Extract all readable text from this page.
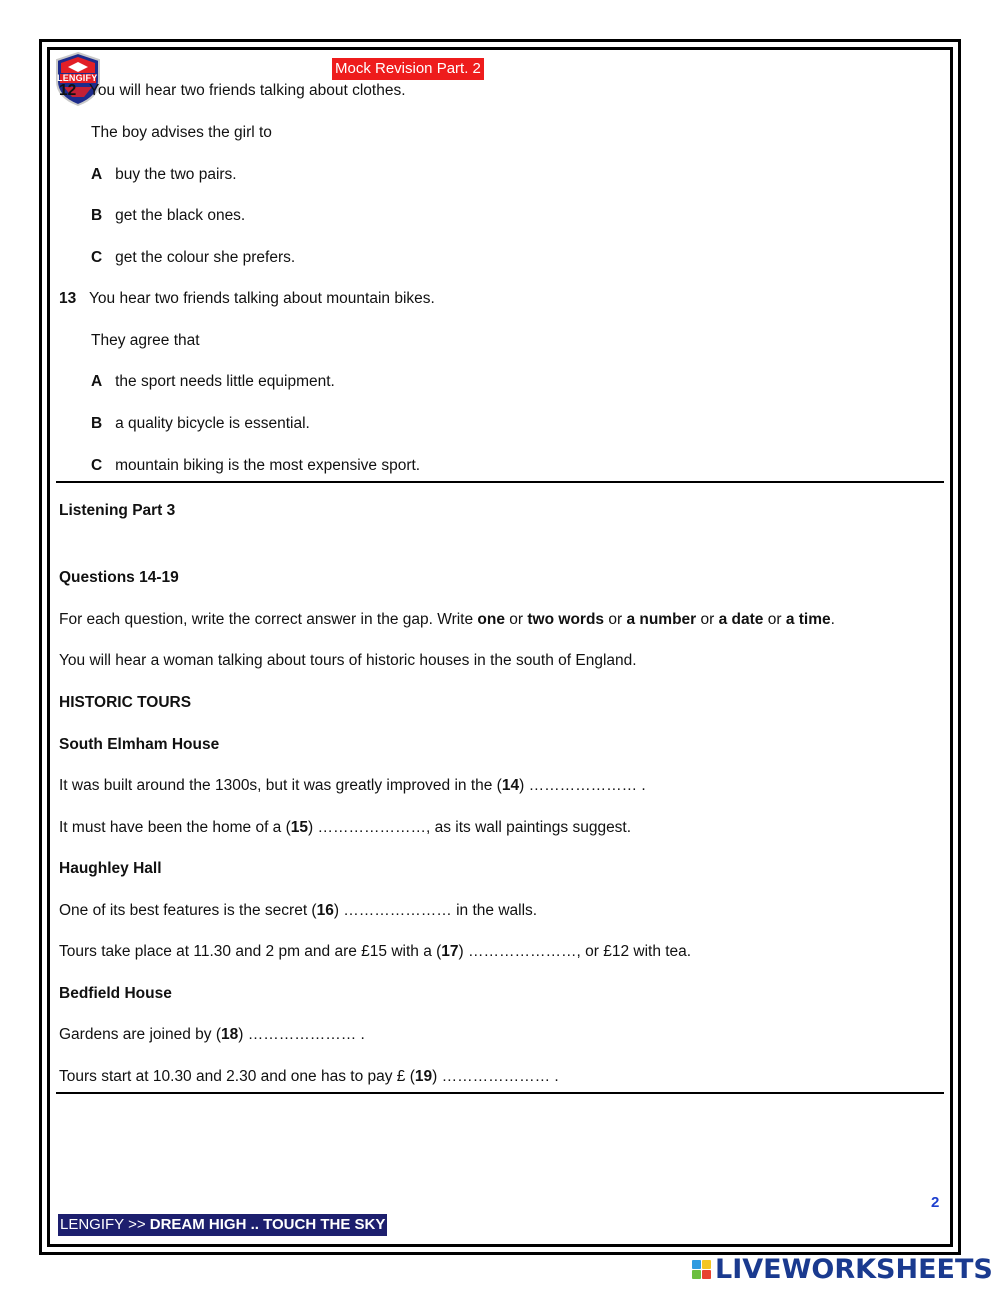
LENGIFY
Mock Revision Part. 2
12 You will hear two friends talking about clothes.
The boy advises the girl to
A buy the two pairs.
B get the black ones.
C get the colour she prefers.
13 You hear two friends talking about mountain bikes.
They agree that
A the sport needs little equipment.
B a quality bicycle is essential.
C mountain biking is the most expensive sport.
Listening Part 3
Questions 14-19
For each question, write the correct answer in the gap. Write one or two words or a number or a date or a time.
You will hear a woman talking about tours of historic houses in the south of England.
HISTORIC TOURS
South Elmham House
It was built around the 1300s, but it was greatly improved in the (14) ………………… .
It must have been the home of a (15) …………………, as its wall paintings suggest.
Haughley Hall
One of its best features is the secret (16) ………………… in the walls.
Tours take place at 11.30 and 2 pm and are £15 with a (17) …………………, or £12 with tea.
Bedfield House
Gardens are joined by (18) ………………… .
Tours start at 10.30 and 2.30 and one has to pay £ (19) ………………… .
2
LENGIFY >> DREAM HIGH .. TOUCH THE SKY
LIVEWORKSHEETS
